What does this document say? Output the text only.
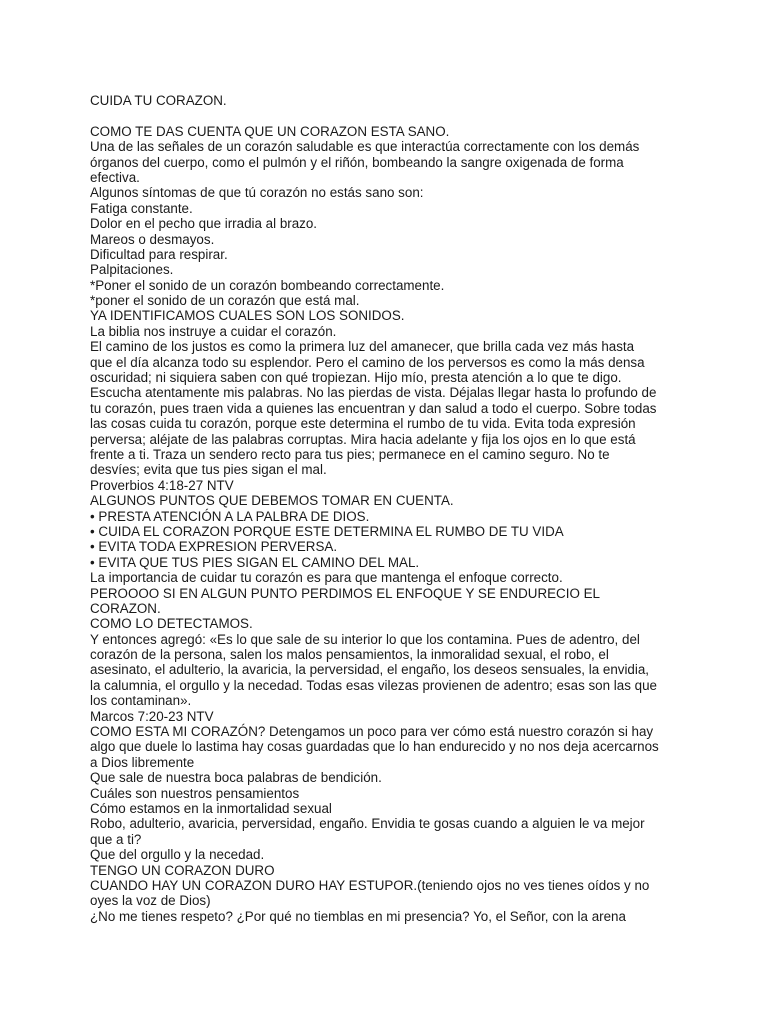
CUIDA TU CORAZON.
COMO TE DAS CUENTA QUE UN CORAZON ESTA SANO.
Una de las señales de un corazón saludable es que interactúa correctamente con los demás
órganos del cuerpo, como el pulmón y el riñón, bombeando la sangre oxigenada de forma
efectiva.
Algunos síntomas de que tú corazón no estás sano son:
Fatiga constante.
Dolor en el pecho que irradia al brazo.
Mareos o desmayos.
Dificultad para respirar.
Palpitaciones.
*Poner el sonido de un corazón bombeando correctamente.
*poner el sonido de un corazón que está mal.
YA IDENTIFICAMOS CUALES SON LOS SONIDOS.
La biblia nos instruye a cuidar el corazón.
El camino de los justos es como la primera luz del amanecer, que brilla cada vez más hasta
que el día alcanza todo su esplendor. Pero el camino de los perversos es como la más densa
oscuridad; ni siquiera saben con qué tropiezan. Hijo mío, presta atención a lo que te digo.
Escucha atentamente mis palabras. No las pierdas de vista. Déjalas llegar hasta lo profundo de
tu corazón, pues traen vida a quienes las encuentran y dan salud a todo el cuerpo. Sobre todas
las cosas cuida tu corazón, porque este determina el rumbo de tu vida. Evita toda expresión
perversa; aléjate de las palabras corruptas. Mira hacia adelante y fija los ojos en lo que está
frente a ti. Traza un sendero recto para tus pies; permanece en el camino seguro. No te
desvíes; evita que tus pies sigan el mal.
Proverbios 4:18-27 NTV
ALGUNOS PUNTOS QUE DEBEMOS TOMAR EN CUENTA.
• PRESTA ATENCIÓN A LA PALBRA DE DIOS.
• CUIDA EL CORAZON PORQUE ESTE DETERMINA EL RUMBO DE TU VIDA
• EVITA TODA EXPRESION PERVERSA.
• EVITA QUE TUS PIES SIGAN EL CAMINO DEL MAL.
La importancia de cuidar tu corazón es para que mantenga el enfoque correcto.
PEROOOO SI EN ALGUN PUNTO PERDIMOS EL ENFOQUE Y SE ENDURECIO EL
CORAZON.
COMO LO DETECTAMOS.
Y entonces agregó: «Es lo que sale de su interior lo que los contamina. Pues de adentro, del
corazón de la persona, salen los malos pensamientos, la inmoralidad sexual, el robo, el
asesinato, el adulterio, la avaricia, la perversidad, el engaño, los deseos sensuales, la envidia,
la calumnia, el orgullo y la necedad. Todas esas vilezas provienen de adentro; esas son las que
los contaminan».
Marcos 7:20-23 NTV
COMO ESTA MI CORAZÓN? Detengamos un poco para ver cómo está nuestro corazón si hay
algo que duele lo lastima hay cosas guardadas que lo han endurecido y no nos deja acercarnos
a Dios libremente
Que sale de nuestra boca palabras de bendición.
Cuáles son nuestros pensamientos
Cómo estamos en la inmortalidad sexual
Robo, adulterio, avaricia, perversidad, engaño. Envidia te gosas cuando a alguien le va mejor
que a ti?
Que del orgullo y la necedad.
TENGO UN CORAZON DURO
CUANDO HAY UN CORAZON DURO HAY ESTUPOR.(teniendo ojos no ves tienes oídos y no
oyes la voz de Dios)
¿No me tienes respeto? ¿Por qué no tiemblas en mi presencia? Yo, el Señor, con la arena
